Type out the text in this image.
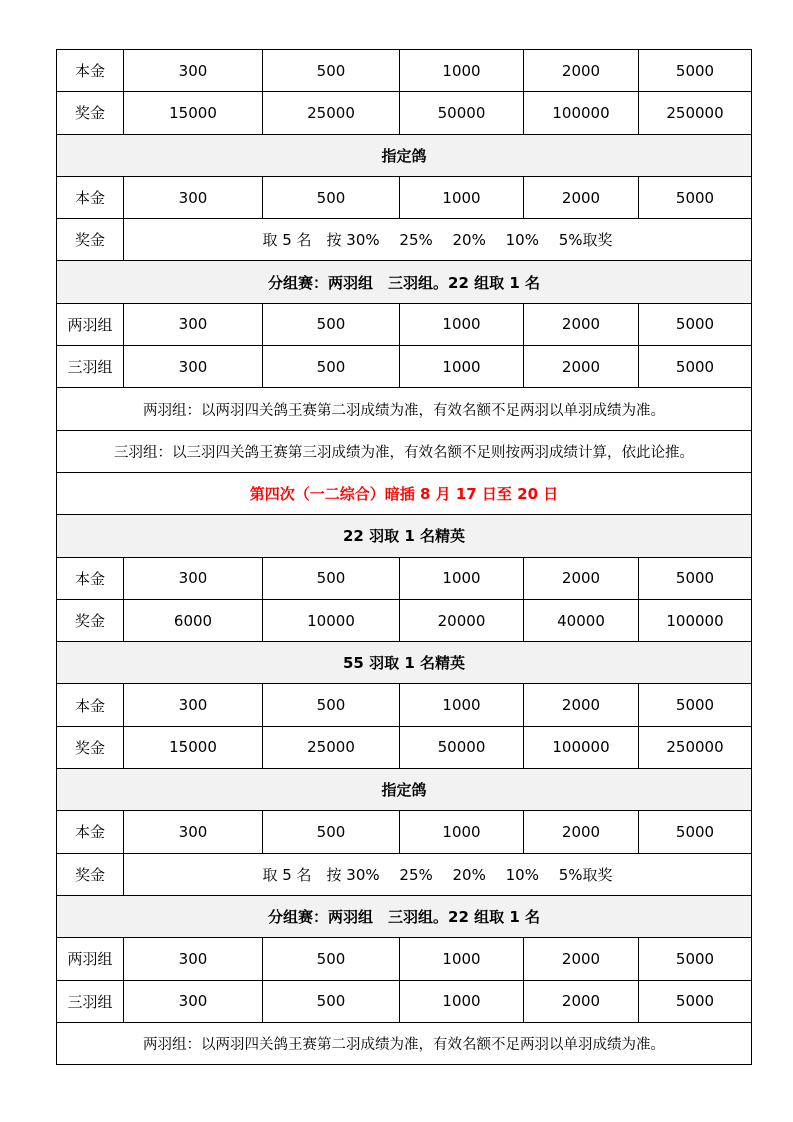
本金	300	500	1000	2000	5000
奖金	15000	25000	50000	100000	250000
指定鸽					
本金	300	500	1000	2000	5000
奖金	取 5 名　按 30%　 25%　 20%　 10%　 5%取奖				
分组赛：两羽组　三羽组。22 组取 1 名					
两羽组	300	500	1000	2000	5000
三羽组	300	500	1000	2000	5000
两羽组：以两羽四关鸽王赛第二羽成绩为准，有效名额不足两羽以单羽成绩为准。					
三羽组：以三羽四关鸽王赛第三羽成绩为准，有效名额不足则按两羽成绩计算，依此论推。					
第四次（一二综合）暗插 8 月 17 日至 20 日					
22 羽取 1 名精英					
本金	300	500	1000	2000	5000
奖金	6000	10000	20000	40000	100000
55 羽取 1 名精英					
本金	300	500	1000	2000	5000
奖金	15000	25000	50000	100000	250000
指定鸽					
本金	300	500	1000	2000	5000
奖金	取 5 名　按 30%　 25%　 20%　 10%　 5%取奖				
分组赛：两羽组　三羽组。22 组取 1 名					
两羽组	300	500	1000	2000	5000
三羽组	300	500	1000	2000	5000
两羽组：以两羽四关鸽王赛第二羽成绩为准，有效名额不足两羽以单羽成绩为准。					
